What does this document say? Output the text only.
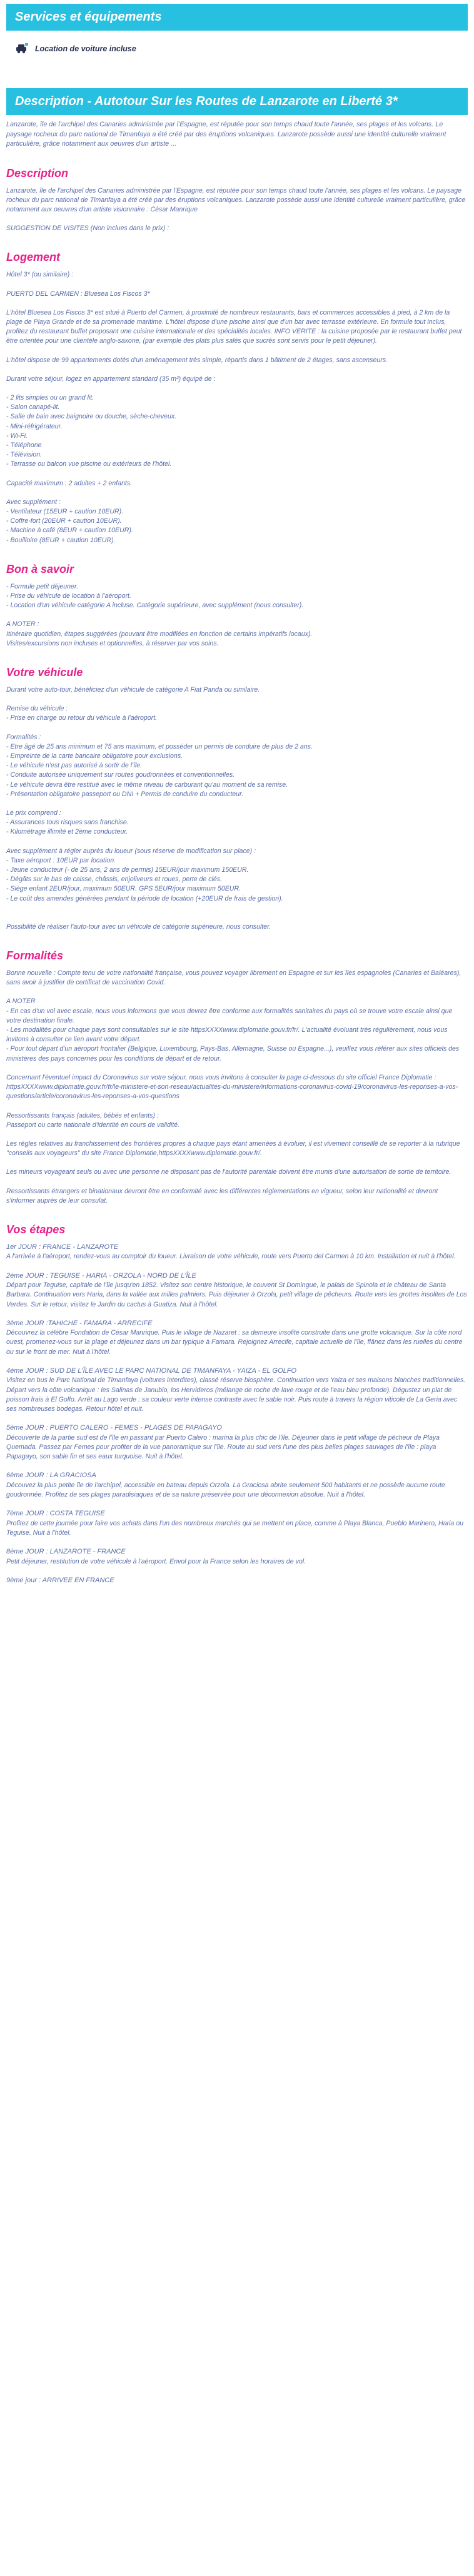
Services et équipements
Location de voiture incluse
Description - Autotour Sur les Routes de Lanzarote en Liberté 3*

Lanzarote, île de l'archipel des Canaries administrée par l'Espagne, est réputée pour son temps chaud toute l'année, ses plages et les volcans. Le paysage rocheux du parc national de Timanfaya a été créé par des éruptions volcaniques. Lanzarote possède aussi une identité culturelle vraiment particulière, grâce notamment aux oeuvres d'un artiste ...

Description

Lanzarote, île de l'archipel des Canaries administrée par l'Espagne, est réputée pour son temps chaud toute l'année, ses plages et les volcans. Le paysage rocheux du parc national de Timanfaya a été créé par des éruptions volcaniques. Lanzarote possède aussi une identité culturelle vraiment particulière, grâce notamment aux oeuvres d'un artiste visionnaire : César Manrique

SUGGESTION DE VISITES (Non inclues dans le prix) :

Logement

Hôtel 3* (ou similaire) :

PUERTO DEL CARMEN : Bluesea Los Fiscos 3*

L'hôtel Bluesea Los Fiscos 3* est situé à Puerto del Carmen, à proximité de nombreux restaurants, bars et commerces accessibles à pied, à 2 km de la plage de Playa Grande et de sa promenade maritime. L'hôtel dispose d'une piscine ainsi que d'un bar avec terrasse extérieure. En formule tout inclus, profitez du restaurant buffet proposant une cuisine internationale et des spécialités locales. INFO VERITE : la cuisine proposée par le restaurant buffet peut être orientée pour une clientèle anglo-saxone, (par exemple des plats plus salés que sucrés sont servis pour le petit déjeuner).

L'hôtel dispose de 99 appartements dotés d'un aménagement très simple, répartis dans 1 bâtiment de 2 étages, sans ascenseurs.

Durant votre séjour, logez en appartement standard (35 m²) équipé de :

- 2 lits simples ou un grand lit.

- Salon canapé-lit.

- Salle de bain avec baignoire ou douche, sèche-cheveux.

- Mini-réfrigérateur.

- Wi-Fi.

- Téléphone

- Télévision.

- Terrasse ou balcon vue piscine ou extérieurs de l'hôtel.

Capacité maximum : 2 adultes + 2 enfants.

Avec supplément :

- Ventilateur (15EUR + caution 10EUR).

- Coffre-fort (20EUR + caution 10EUR).

- Machine à café (8EUR + caution 10EUR).

- Bouilloire (8EUR + caution 10EUR).

Bon à savoir

- Formule petit déjeuner.

- Prise du véhicule de location à l'aéroport.

- Location d'un véhicule catégorie A incluse. Catégorie supérieure, avec supplément (nous consulter).

A NOTER :

Itinéraire quotidien, étapes suggérées (pouvant être modifiées en fonction de certains impératifs locaux).

Visites/excursions non incluses et optionnelles, à réserver par vos soins.

Votre véhicule

Durant votre auto-tour, bénéficiez d'un véhicule de catégorie A Fiat Panda ou similaire.

Remise du véhicule :

- Prise en charge ou retour du véhicule à l'aéroport.

Formalités :

- Etre âgé de 25 ans minimum et 75 ans maximum, et posséder un permis de conduire de plus de 2 ans.

- Empreinte de la carte bancaire obligatoire pour exclusions.

- Le véhicule n'est pas autorisé à sortir de l'île.

- Conduite autorisée uniquement sur routes goudronnées et conventionnelles.

- Le véhicule devra être restitué avec le même niveau de carburant qu'au moment de sa remise.

- Présentation obligatoire passeport ou DNI + Permis de conduire du conducteur.

Le prix comprend :

- Assurances tous risques sans franchise.

- Kilométrage illimité et 2ème conducteur.

Avec supplément à régler auprès du loueur (sous réserve de modification sur place) :

- Taxe aéroport : 10EUR par location.

- Jeune conducteur (- de 25 ans, 2 ans de permis) 15EUR/jour maximum 150EUR.

- Dégâts sur le bas de caisse, châssis, enjoliveurs et roues, perte de clés.

- Siège enfant 2EUR/jour, maximum 50EUR. GPS 5EUR/jour maximum 50EUR.

- Le coût des amendes générées pendant la période de location (+20EUR de frais de gestion).

Possibilité de réaliser l'auto-tour avec un véhicule de catégorie supérieure, nous consulter.

Formalités

Bonne nouvelle : Compte tenu de votre nationalité française, vous pouvez voyager librement en Espagne et sur les îles espagnoles (Canaries et Baléares), sans avoir à justifier de certificat de vaccination Covid.

A NOTER

- En cas d'un vol avec escale, nous vous informons que vous devrez être conforme aux formalités sanitaires du pays où se trouve votre escale ainsi que votre destination finale.

- Les modalités pour chaque pays sont consultables sur le site httpsXXXXwww.diplomatie.gouv.fr/fr/. L'actualité évoluant très régulièrement, nous vous invitons à consulter ce lien avant votre départ.

- Pour tout départ d'un aéroport frontalier (Belgique, Luxembourg, Pays-Bas, Allemagne, Suisse ou Espagne...), veuillez vous référer aux sites officiels des ministères des pays concernés pour les conditions de départ et de retour.

Concernant l'éventuel impact du Coronavirus sur votre séjour, nous vous invitons à consulter la page ci-dessous du site officiel France Diplomatie :

httpsXXXXwww.diplomatie.gouv.fr/fr/le-ministere-et-son-reseau/actualites-du-ministere/informations-coronavirus-covid-19/coronavirus-les-reponses-a-vos-questions/article/coronavirus-les-reponses-a-vos-questions

Ressortissants français (adultes, bébés et enfants) :

Passeport ou carte nationale d'identité en cours de validité.

Les règles relatives au franchissement des frontières propres à chaque pays étant amenées à évoluer, il est vivement conseillé de se reporter à la rubrique "conseils aux voyageurs" du site France Diplomatie,httpsXXXXwww.diplomatie.gouv.fr/.

Les mineurs voyageant seuls ou avec une personne ne disposant pas de l'autorité parentale doivent être munis d'une autorisation de sortie de territoire.

Ressortissants étrangers et binationaux devront être en conformité avec les différentes réglementations en vigueur, selon leur nationalité et devront s'informer auprès de leur consulat.

Vos étapes

1er JOUR : FRANCE - LANZAROTE

A l'arrivée à l'aéroport, rendez-vous au comptoir du loueur. Livraison de votre véhicule, route vers Puerto del Carmen à 10 km. Installation et nuit à l'hôtel.

2ème JOUR : TEGUISE - HARIA - ORZOLA - NORD DE L'ÎLE

Départ pour Teguise, capitale de l'île jusqu'en 1852. Visitez son centre historique, le couvent St Domingue, le palais de Spinola et le château de Santa Barbara. Continuation vers Haria, dans la vallée aux milles palmiers. Puis déjeuner à Orzola, petit village de pêcheurs. Route vers les grottes insolites de Los Verdes. Sur le retour, visitez le Jardin du cactus à Guatiza. Nuit à l'hôtel.

3ème JOUR :TAHICHE - FAMARA - ARRECIFE

Découvrez la célèbre Fondation de César Manrique. Puis le village de Nazaret : sa demeure insolite construite dans une grotte volcanique. Sur la côte nord ouest, promenez-vous sur la plage et déjeunez dans un bar typique à Famara. Rejoignez Arrecife, capitale actuelle de l'île, flânez dans les ruelles du centre ou sur le front de mer. Nuit à l'hôtel.

4ème JOUR : SUD DE L'ÎLE AVEC LE PARC NATIONAL DE TIMANFAYA - YAIZA - EL GOLFO

Visitez en bus le Parc National de Timanfaya (voitures interdites), classé réserve biosphère. Continuation vers Yaiza et ses maisons blanches traditionnelles. Départ vers la côte volcanique : les Salinas de Janubio, los Hervideros (mélange de roche de lave rouge et de l'eau bleu profonde). Dégustez un plat de poisson frais à El Golfo. Arrêt au Lago verde : sa couleur verte intense contraste avec le sable noir. Puis route à travers la région viticole de La Geria avec ses nombreuses bodegas. Retour hôtel et nuit.

5ème JOUR : PUERTO CALERO - FEMES - PLAGES DE PAPAGAYO

Découverte de la partie sud est de l'île en passant par Puerto Calero : marina la plus chic de l'île. Déjeuner dans le petit village de pécheur de Playa Quemada. Passez par Femes pour profiter de la vue panoramique sur l'île. Route au sud vers l'une des plus belles plages sauvages de l'île : playa Papagayo, son sable fin et ses eaux turquoise. Nuit à l'hôtel.

6ème JOUR : LA GRACIOSA

Découvez la plus petite île de l'archipel, accessible en bateau depuis Orzola. La Graciosa abrite seulement 500 habitants et ne possède aucune route goudronnée. Profitez de ses plages paradisiaques et de sa nature préservée pour une déconnexion absolue. Nuit à l'hôtel.

7ème JOUR : COSTA TEGUISE

Profitez de cette journée pour faire vos achats dans l'un des nombreux marchés qui se mettent en place, comme à Playa Blanca, Pueblo Marinero, Haria ou Teguise. Nuit à l'hôtel.

8ème JOUR : LANZAROTE - FRANCE

Petit déjeuner, restitution de votre véhicule à l'aéroport. Envol pour la France selon les horaires de vol.

9ème jour : ARRIVEE EN FRANCE
